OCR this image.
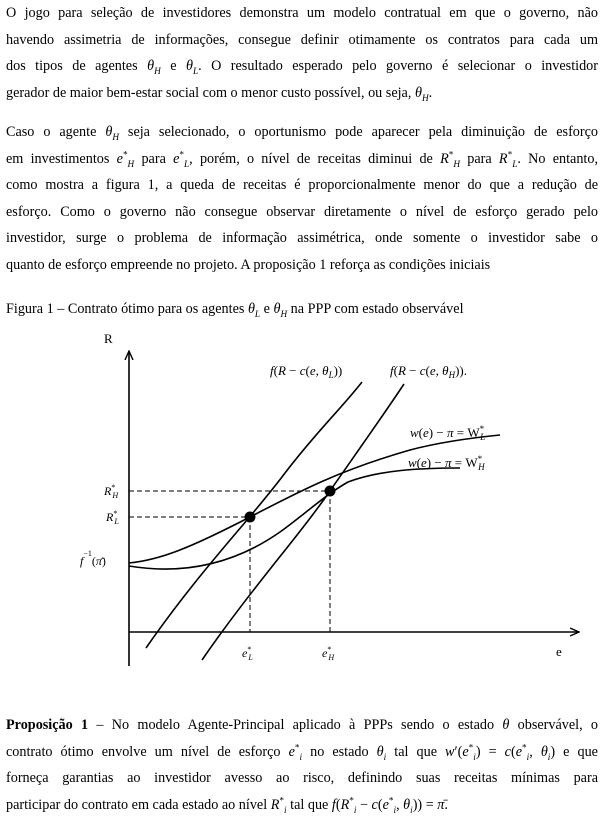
O jogo para seleção de investidores demonstra um modelo contratual em que o governo, não
havendo assimetria de informações, consegue definir otimamente os contratos para cada um
dos tipos de agentes $\theta_H$ e $\theta_L$. O resultado esperado pelo governo é selecionar o investidor
gerador de maior bem-estar social com o menor custo possível, ou seja, $\theta_H$.
Caso o agente $\theta_H$ seja selecionado, o oportunismo pode aparecer pela diminuição de esforço
em investimentos $e^*_H$ para $e^*_L$, porém, o nível de receitas diminui de $R^*_H$ para $R^*_L$. No entanto,
como mostra a figura 1, a queda de receitas é proporcionalmente menor do que a redução de
esforço. Como o governo não consegue observar diretamente o nível de esforço gerado pelo
investidor, surge o problema de informação assimétrica, onde somente o investidor sabe o
quanto de esforço empreende no projeto. A proposição 1 reforça as condições iniciais
Figura 1 – Contrato ótimo para os agentes $\theta_L$ e $\theta_H$ na PPP com estado observável
R
e
f(R − c(e, $\theta_L$))	f(R − c(e, $\theta_H$)).
w(e) − π = W* L
w(e) − π = W* H
R* H
R* L
$f^{-1}(\pī)$
e* L	e* H
Proposição 1 – No modelo Agente-Principal aplicado à PPPs sendo o estado θ observável, o
contrato ótimo envolve um nível de esforço $e^*_i$ no estado $\theta_i$ tal que $w'(e^*_i) = c(e^*_i$, $\theta_i$) e que
forneça garantias ao investidor avesso ao risco, definindo suas receitas mínimas para
participar do contrato em cada estado ao nível $R^*_i$ tal que $f(R^*_i - c(e^*_i$, $\theta_i$)) = π̄.
